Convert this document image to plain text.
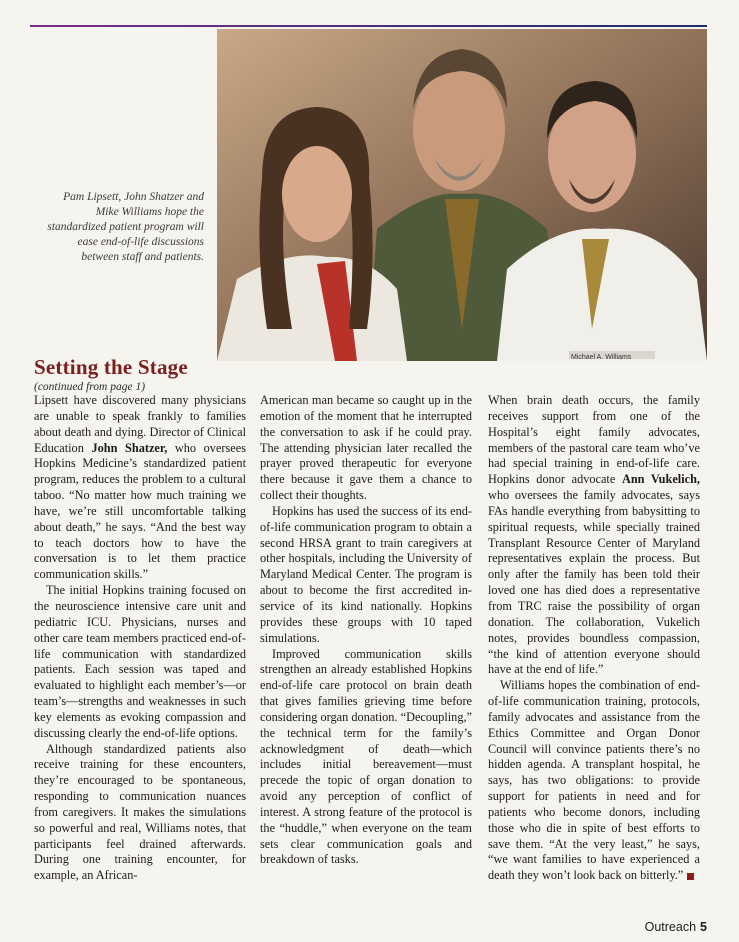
Michael A. Williams
Pam Lipsett, John Shatzer and Mike Williams hope the standardized patient program will ease end-of-life discussions between staff and patients.
Setting the Stage
(continued from page 1)

Lipsett have discovered many physicians are unable to speak frankly to families about death and dying. Director of Clinical Education John Shatzer, who oversees Hopkins Medicine’s standardized patient program, reduces the problem to a cultural taboo. “No matter how much training we have, we’re still uncomfortable talking about death,” he says. “And the best way to teach doctors how to have the conversation is to let them practice communication skills.”

The initial Hopkins training focused on the neuroscience intensive care unit and pediatric ICU. Physicians, nurses and other care team members practiced end-of-life communication with standardized patients. Each session was taped and evaluated to highlight each member’s—or team’s—strengths and weaknesses in such key elements as evoking compassion and discussing clearly the end-of-life options.

Although standardized patients also receive training for these encounters, they’re encouraged to be spontaneous, responding to communication nuances from caregivers. It makes the simulations so powerful and real, Williams notes, that participants feel drained afterwards. During one training encounter, for example, an African-

American man became so caught up in the emotion of the moment that he interrupted the conversation to ask if he could pray. The attending physician later recalled the prayer proved therapeutic for everyone there because it gave them a chance to collect their thoughts.

Hopkins has used the success of its end-of-life communication program to obtain a second HRSA grant to train caregivers at other hospitals, including the University of Maryland Medical Center. The program is about to become the first accredited in-service of its kind nationally. Hopkins provides these groups with 10 taped simulations.

Improved communication skills strengthen an already established Hopkins end-of-life care protocol on brain death that gives families grieving time before considering organ donation. “Decoupling,” the technical term for the family’s acknowledgment of death—which includes initial bereavement—must precede the topic of organ donation to avoid any perception of conflict of interest. A strong feature of the protocol is the “huddle,” when everyone on the team sets clear communication goals and breakdown of tasks.

When brain death occurs, the family receives support from one of the Hospital’s eight family advocates, members of the pastoral care team who’ve had special training in end-of-life care. Hopkins donor advocate Ann Vukelich, who oversees the family advocates, says FAs handle everything from babysitting to spiritual requests, while specially trained Transplant Resource Center of Maryland representatives explain the process. But only after the family has been told their loved one has died does a representative from TRC raise the possibility of organ donation. The collaboration, Vukelich notes, provides boundless compassion, “the kind of attention everyone should have at the end of life.”

Williams hopes the combination of end-of-life communication training, protocols, family advocates and assistance from the Ethics Committee and Organ Donor Council will convince patients there’s no hidden agenda. A transplant hospital, he says, has two obligations: to provide support for patients in need and for patients who become donors, including those who die in spite of best efforts to save them. “At the very least,” he says, “we want families to have experienced a death they won’t look back on bitterly.”

Outreach 5
